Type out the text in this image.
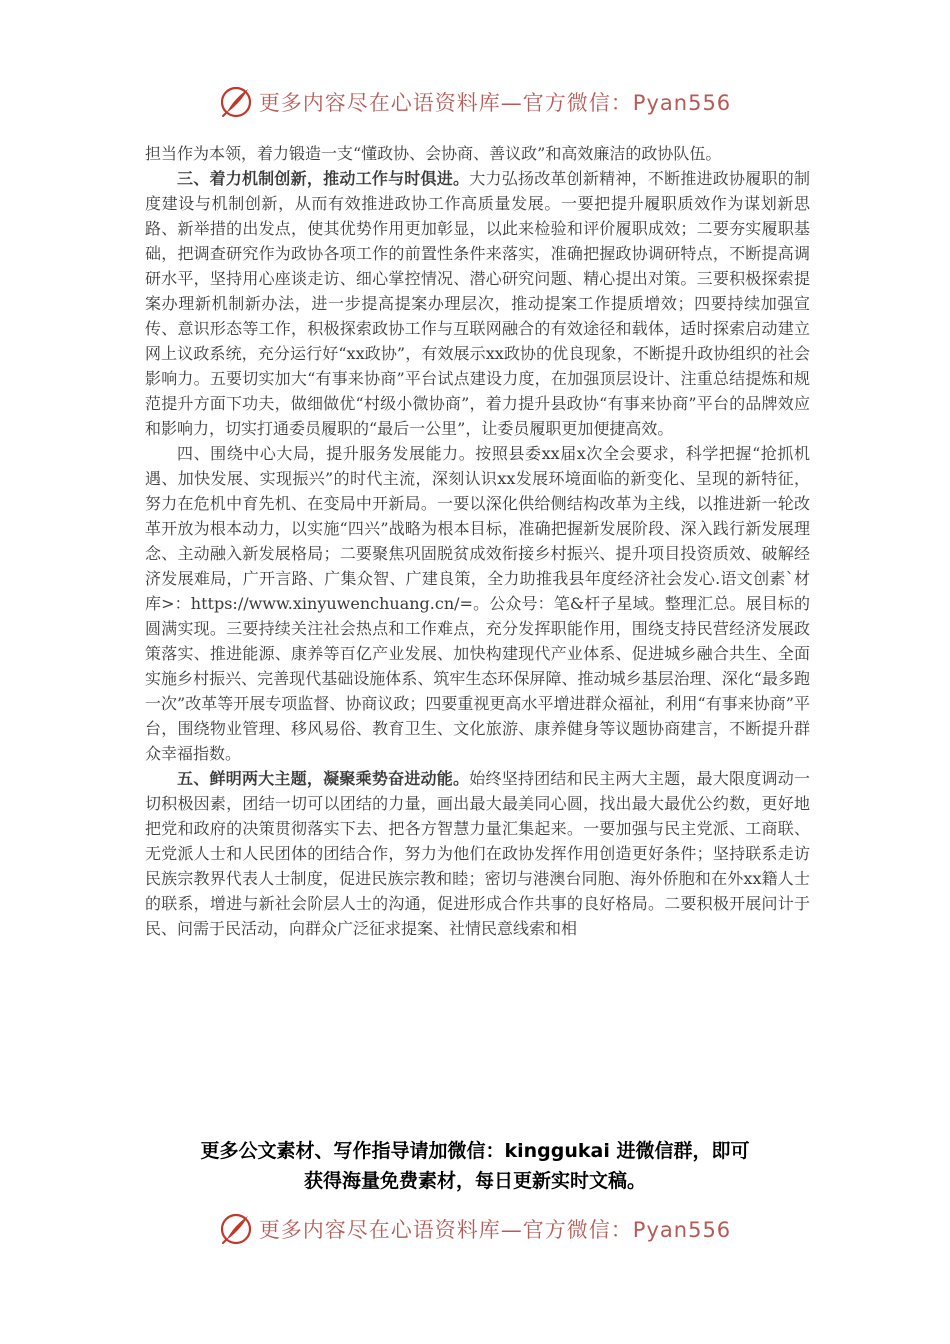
更多内容尽在心语资料库—官方微信：Pyan556

担当作为本领，着力锻造一支“懂政协、会协商、善议政”和高效廉洁的政协队伍。

三、着力机制创新，推动工作与时俱进。大力弘扬改革创新精神，不断推进政协履职的制度建设与机制创新，从而有效推进政协工作高质量发展。一要把提升履职质效作为谋划新思路、新举措的出发点，使其优势作用更加彰显，以此来检验和评价履职成效；二要夯实履职基础，把调查研究作为政协各项工作的前置性条件来落实，准确把握政协调研特点，不断提高调研水平，坚持用心座谈走访、细心掌控情况、潜心研究问题、精心提出对策。三要积极探索提案办理新机制新办法，进一步提高提案办理层次，推动提案工作提质增效；四要持续加强宣传、意识形态等工作，积极探索政协工作与互联网融合的有效途径和载体，适时探索启动建立网上议政系统，充分运行好“xx政协”，有效展示xx政协的优良现象，不断提升政协组织的社会影响力。五要切实加大“有事来协商”平台试点建设力度，在加强顶层设计、注重总结提炼和规范提升方面下功夫，做细做优“村级小微协商”，着力提升县政协“有事来协商”平台的品牌效应和影响力，切实打通委员履职的“最后一公里”，让委员履职更加便捷高效。

四、围绕中心大局，提升服务发展能力。按照县委xx届x次全会要求，科学把握“抢抓机遇、加快发展、实现振兴”的时代主流，深刻认识xx发展环境面临的新变化、呈现的新特征，努力在危机中育先机、在变局中开新局。一要以深化供给侧结构改革为主线，以推进新一轮改革开放为根本动力，以实施“四兴”战略为根本目标，准确把握新发展阶段、深入践行新发展理念、主动融入新发展格局；二要聚焦巩固脱贫成效衔接乡村振兴、提升项目投资质效、破解经济发展难局，广开言路、广集众智、广建良策，全力助推我县年度经济社会发心.语文创素`材库>：https://www.xinyuwenchuang.cn/=。公众号：笔&杆子星域。整理汇总。展目标的圆满实现。三要持续关注社会热点和工作难点，充分发挥职能作用，围绕支持民营经济发展政策落实、推进能源、康养等百亿产业发展、加快构建现代产业体系、促进城乡融合共生、全面实施乡村振兴、完善现代基础设施体系、筑牢生态环保屏障、推动城乡基层治理、深化“最多跑一次”改革等开展专项监督、协商议政；四要重视更高水平增进群众福祉，利用“有事来协商”平台，围绕物业管理、移风易俗、教育卫生、文化旅游、康养健身等议题协商建言，不断提升群众幸福指数。

五、鲜明两大主题，凝聚乘势奋进动能。始终坚持团结和民主两大主题，最大限度调动一切积极因素，团结一切可以团结的力量，画出最大最美同心圆，找出最大最优公约数，更好地把党和政府的决策贯彻落实下去、把各方智慧力量汇集起来。一要加强与民主党派、工商联、无党派人士和人民团体的团结合作，努力为他们在政协发挥作用创造更好条件；坚持联系走访民族宗教界代表人士制度，促进民族宗教和睦；密切与港澳台同胞、海外侨胞和在外xx籍人士的联系，增进与新社会阶层人士的沟通，促进形成合作共事的良好格局。二要积极开展问计于民、问需于民活动，向群众广泛征求提案、社情民意线索和相

更多公文素材、写作指导请加微信：kinggukai 进微信群，即可
获得海量免费素材，每日更新实时文稿。
更多内容尽在心语资料库—官方微信：Pyan556
